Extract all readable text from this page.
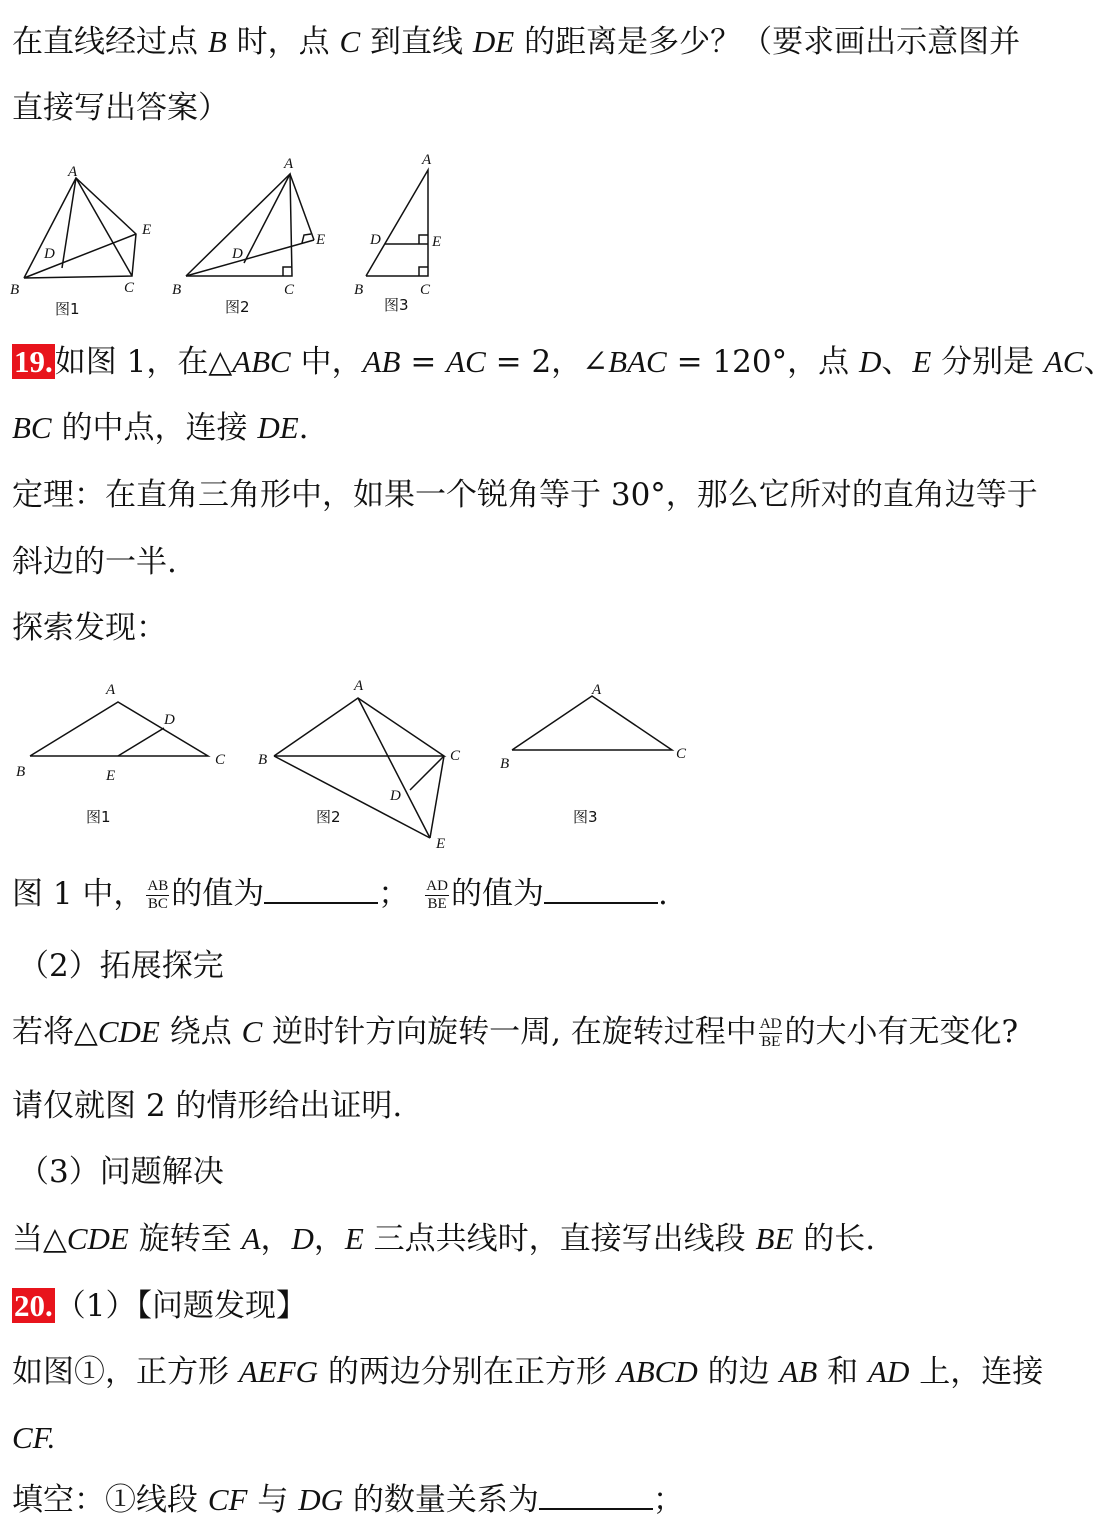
在直线经过点 B 时，点 C 到直线 DE 的距离是多少？（要求画出示意图并
直接写出答案）
A
B	C
D
E
图1
A
B	C
D
E
图2
A
B	C
D	E
图3
19.如图 1，在△ABC 中，AB = AC = 2，∠BAC = 120°，点 D、E 分别是 AC、
BC 的中点，连接 DE.
定理：在直角三角形中，如果一个锐角等于 30°，那么它所对的直角边等于
斜边的一半.
探索发现：
A
B
C
D
E
图1
A
B	C
D
E
图2
A
B
C
图3
图 1 中， $\frac{AB}{BC}$ 的值为	； $\frac{AD}{BE}$ 的值为	.
（2）拓展探完
若将△CDE 绕点 C 逆时针方向旋转一周, 在旋转过程中 $\frac{AD}{BE}$ 的大小有无变化?
请仅就图 2 的情形给出证明.
（3）问题解决
当△CDE 旋转至 A，D，E 三点共线时，直接写出线段 BE 的长.
20.（1）【问题发现】
如图①，正方形 AEFG 的两边分别在正方形 ABCD 的边 AB 和 AD 上，连接
CF.
填空：①线段 CF 与 DG 的数量关系为	；
